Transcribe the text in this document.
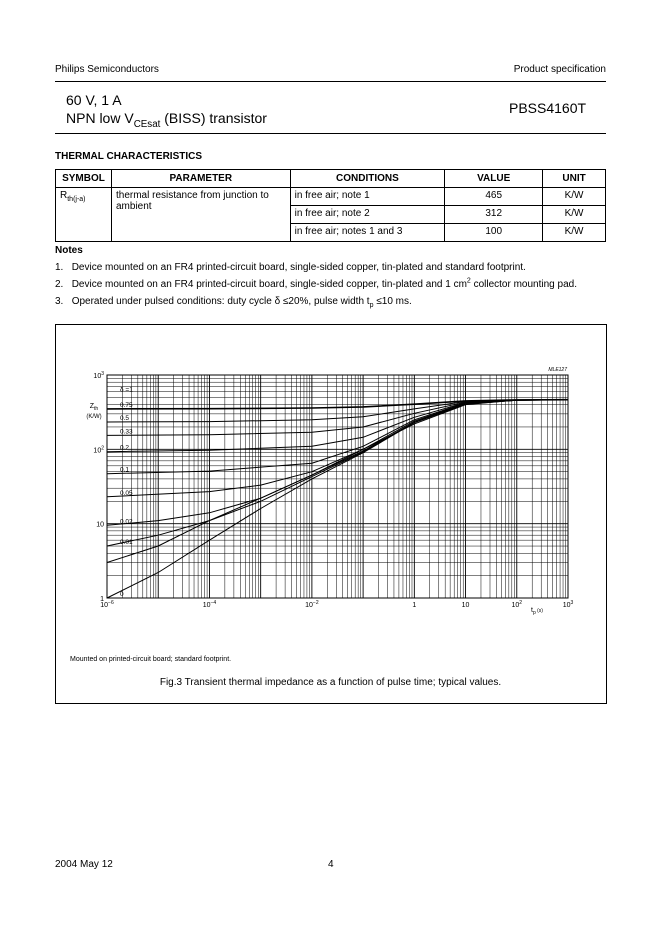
Philips Semiconductors	Product specification
60 V, 1 A
NPN low $V_{CEsat}$ (BISS) transistor
PBSS4160T
THERMAL CHARACTERISTICS
SYMBOL	PARAMETER	CONDITIONS	VALUE	UNIT
$R_{th(j-a)}$	thermal resistance from junction to ambient	in free air; note 1	465	K/W
		in free air; note 2	312	K/W
		in free air; notes 1 and 3	100	K/W
Notes
1.   Device mounted on an FR4 printed-circuit board, single-sided copper, tin-plated and standard footprint.
2.   Device mounted on an FR4 printed-circuit board, single-sided copper, tin-plated and 1 $cm^2$ collector mounting pad.
3.   Operated under pulsed conditions: duty cycle δ ≤20%, pulse width $t_p \le 10$ ms.
$10^{-6}$	$10^{-4}$	$10^{-2}$	1	10	$10^2$	$10^3$
1
10
$10^2$
$10^3$
$Z_{th}$
(K/W)
$t_p$ $^{(s)}$
MLE127
δ =1
0.75
0.5
0.33
0.2
0.1
0.05
0.02
0.01
0
Mounted on printed-circuit board; standard footprint.
Fig.3 Transient thermal impedance as a function of pulse time; typical values.
2004 May 12	4
